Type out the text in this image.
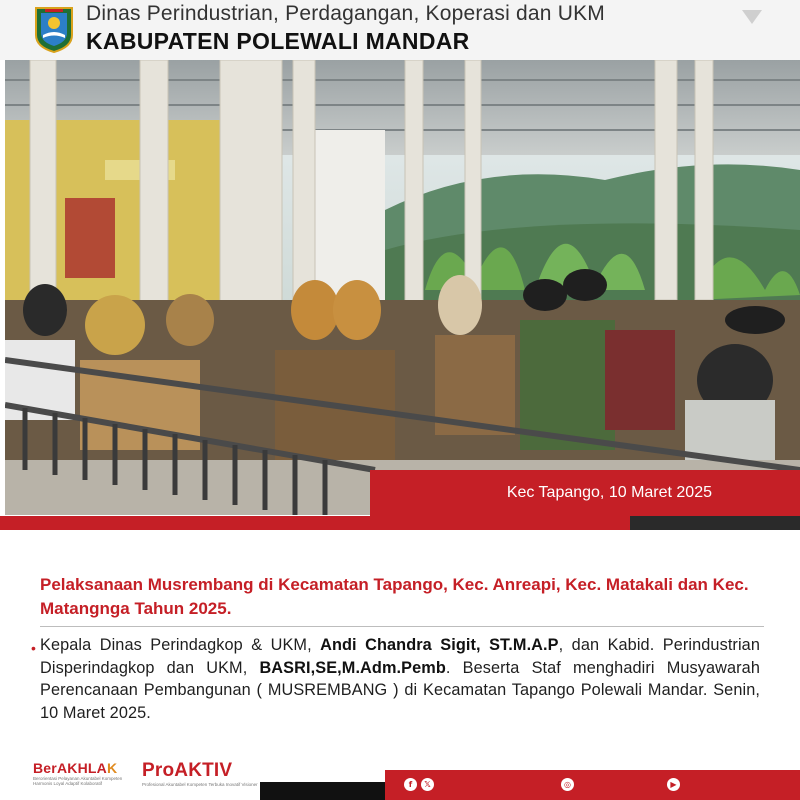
Dinas Perindustrian, Perdagangan, Koperasi dan UKM
KABUPATEN POLEWALI MANDAR
Kec Tapango, 10 Maret 2025
Pelaksanaan Musrembang di Kecamatan Tapango, Kec. Anreapi, Kec. Matakali dan Kec. Matangnga Tahun 2025.
• Kepala Dinas Perindagkop & UKM, Andi Chandra Sigit, ST.M.A.P, dan Kabid. Perindustrian Disperindagkop dan UKM, BASRI,SE,M.Adm.Pemb. Beserta Staf menghadiri Musyawarah Perencanaan Pembangunan ( MUSREMBANG ) di Kecamatan Tapango Polewali Mandar. Senin, 10 Maret 2025.
BerAKHLAK
Berorientasi Pelayanan Akuntabel Kompeten Harmonis Loyal Adaptif Kolaboratif
ProAKTIV
Profesional Akuntabel Kompeten Terbuka Inovatif Visioner	f	𝕏	◎	▶
